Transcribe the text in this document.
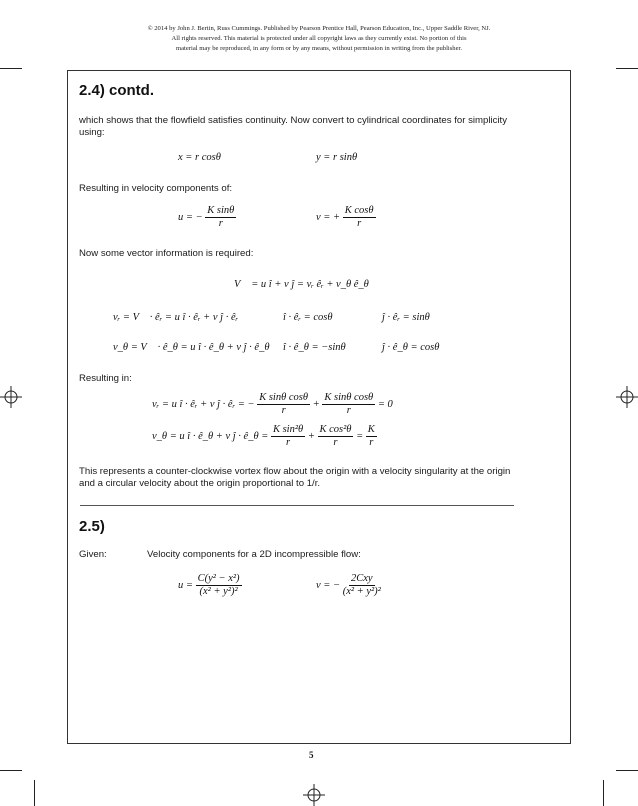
© 2014 by John J. Bertin, Russ Cummings. Published by Pearson Prentice Hall, Pearson Education, Inc., Upper Saddle River, NJ.
All rights reserved. This material is protected under all copyright laws as they currently exist. No portion of this
material may be reproduced, in any form or by any means, without permission in writing from the publisher.
2.4) contd.
which shows that the flowfield satisfies continuity. Now convert to cylindrical coordinates for simplicity using:
x = r cosθ	y = r sinθ
Resulting in velocity components of:
u = − $\frac{\text{K sinθ}}{r}$	v = + $\frac{\text{K cosθ}}{r}$
Now some vector information is required:
V⃗ = u î + v ĵ = vᵣ êᵣ + v_θ ê_θ
vᵣ = V⃗ · êᵣ = u î · êᵣ + v ĵ · êᵣ	î · êᵣ = cosθ	ĵ · êᵣ = sinθ
v_θ = V⃗ · ê_θ = u î · ê_θ + v ĵ · ê_θ î · ê_θ = −sinθ	ĵ · ê_θ = cosθ
Resulting in:
vᵣ = u î · êᵣ + v ĵ · êᵣ = − $\frac{\text{K sinθ cosθ}}{r} + \frac{\text{K sinθ cosθ}}{r} = 0$
v_θ = u î · ê_θ + v ĵ · ê_θ = $\frac{\text{K sin²θ}}{r} + \frac{\text{K cos²θ}}{r} = \frac{K}{r}$
This represents a counter-clockwise vortex flow about the origin with a velocity singularity at the origin and a circular velocity about the origin proportional to 1/r.
2.5)
Given:	Velocity components for a 2D incompressible flow:
$u = \frac{\text{C(y² − x²)}}{\text{(x² + y²)²}}$	v = − $\frac{\text{2Cxy}}{\text{(x² + y²)²}}$
5
